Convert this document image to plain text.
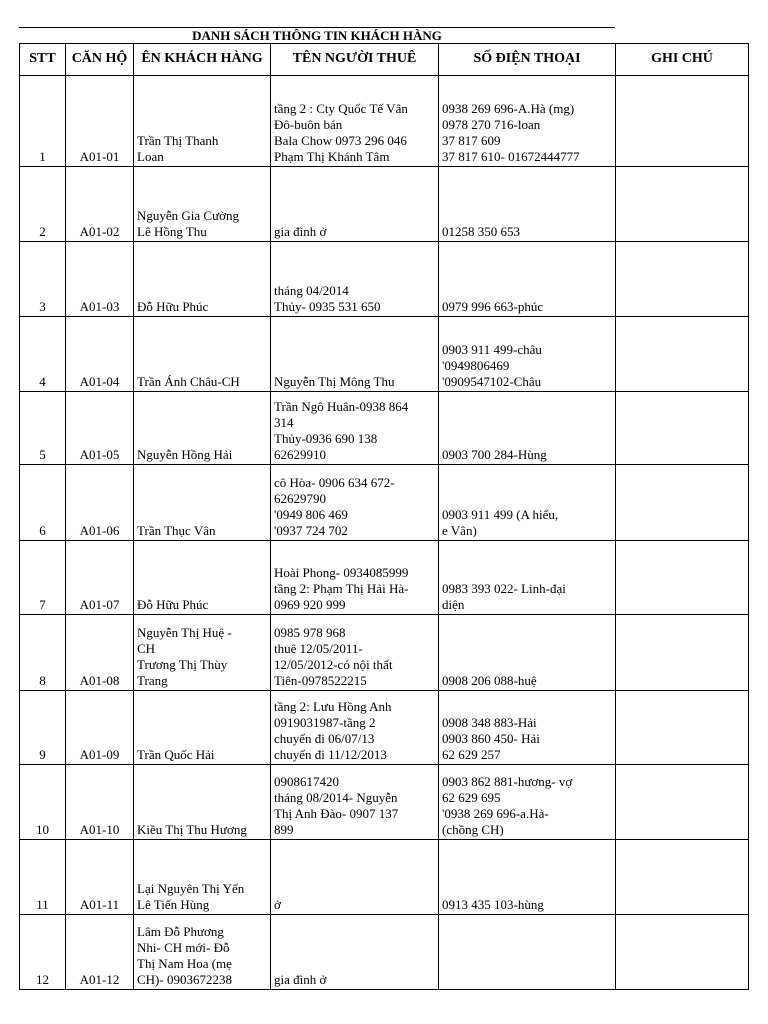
DANH SÁCH THÔNG TIN KHÁCH HÀNG
STT	CĂN HỘ	ÊN KHÁCH HÀNG	TÊN NGƯỜI THUÊ	SỐ ĐIỆN THOẠI	GHI CHÚ

1	A01-01	Trần Thị Thanh
Loan	tầng 2 : Cty Quốc Tế Vân
Đô-buôn bán
Bala Chow 0973 296 046
Phạm Thị Khánh Tâm	0938 269 696-A.Hà (mg)
0978 270 716-loan
37 817 609
37 817 610- 01672444777	

2	A01-02	Nguyễn Gia Cường
Lê Hồng Thu	gia đình ở	01258 350 653	

3	A01-03	Đỗ Hữu Phúc	tháng 04/2014
Thủy- 0935 531 650	0979 996 663-phúc	

4	A01-04	Trần Ánh Châu-CH	Nguyễn Thị Mông Thu	0903 911 499-châu
'0949806469
'0909547102-Châu	

5	A01-05	Nguyễn Hồng Hải	Trần Ngô Huân-0938 864
314
Thủy-0936 690 138
62629910	0903 700 284-Hùng	

6	A01-06	Trần Thục Vân	cô Hòa- 0906 634 672-
62629790
'0949 806 469
'0937 724 702	0903 911 499 (A hiếu,
e Vân)	

7	A01-07	Đỗ Hữu Phúc	Hoài Phong- 0934085999
tầng 2: Phạm Thị Hải Hà-
0969 920 999	0983 393 022- Linh-đại
diện	

8	A01-08	Nguyễn Thị Huệ -
CH
Trương Thị Thùy
Trang	0985 978 968
thuê 12/05/2011-
12/05/2012-có nội thất
Tiên-0978522215	0908 206 088-huệ	

9	A01-09	Trần Quốc Hải	tầng 2: Lưu Hồng Anh
0919031987-tầng 2
chuyển đi 06/07/13
chuyển đi 11/12/2013	0908 348 883-Hải
0903 860 450- Hải
62 629 257	

10	A01-10	Kiều Thị Thu Hương	0908617420
tháng 08/2014- Nguyễn
Thị Anh Đào- 0907 137
899	0903 862 881-hương- vợ
62 629 695
'0938 269 696-a.Hà-
(chồng CH)	

11	A01-11	Lại Nguyên Thị Yến
Lê Tiến Hùng	ở	0913 435 103-hùng	

12	A01-12	Lâm Đỗ Phương
Nhi- CH mới- Đỗ
Thị Nam Hoa (mẹ
CH)- 0903672238	gia đình ở		
